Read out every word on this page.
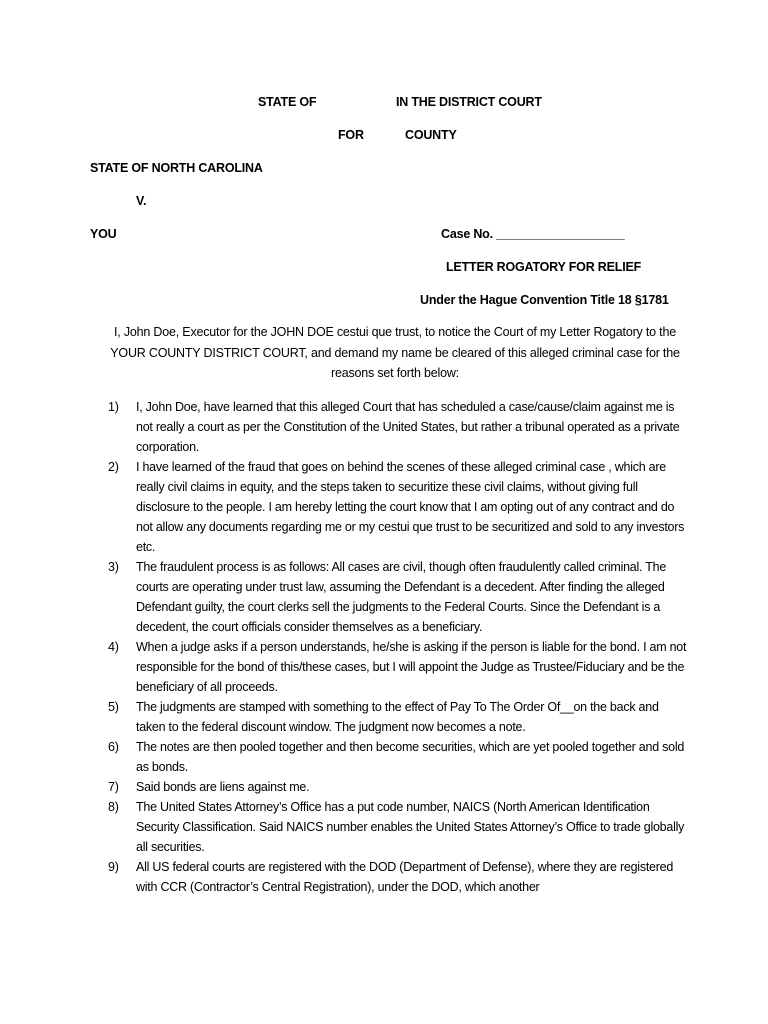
STATE OF	IN THE DISTRICT COURT
FOR	COUNTY
STATE OF NORTH CAROLINA
V.
YOU	Case No. ___________________
LETTER ROGATORY FOR RELIEF
Under the Hague Convention Title 18 §1781
I, John Doe, Executor for the JOHN DOE cestui que trust, to notice the Court of my Letter Rogatory to the YOUR COUNTY DISTRICT COURT, and demand my name be cleared of this alleged criminal case for the reasons set forth below:
1) I, John Doe, have learned that this alleged Court that has scheduled a case/cause/claim against me is not really a court as per the Constitution of the United States, but rather a tribunal operated as a private corporation.
2) I have learned of the fraud that goes on behind the scenes of these alleged criminal case , which are really civil claims in equity, and the steps taken to securitize these civil claims, without giving full disclosure to the people. I am hereby letting the court know that I am opting out of any contract and do not allow any documents regarding me or my cestui que trust to be securitized and sold to any investors etc.
3) The fraudulent process is as follows: All cases are civil, though often fraudulently called criminal. The courts are operating under trust law, assuming the Defendant is a decedent. After finding the alleged Defendant guilty, the court clerks sell the judgments to the Federal Courts. Since the Defendant is a decedent, the court officials consider themselves as a beneficiary.
4) When a judge asks if a person understands, he/she is asking if the person is liable for the bond. I am not responsible for the bond of this/these cases, but I will appoint the Judge as Trustee/Fiduciary and be the beneficiary of all proceeds.
5) The judgments are stamped with something to the effect of Pay To The Order Of__on the back and taken to the federal discount window. The judgment now becomes a note.
6) The notes are then pooled together and then become securities, which are yet pooled together and sold as bonds.
7) Said bonds are liens against me.
8) The United States Attorney’s Office has a put code number, NAICS (North American Identification Security Classification. Said NAICS number enables the United States Attorney’s Office to trade globally all securities.
9) All US federal courts are registered with the DOD (Department of Defense), where they are registered with CCR (Contractor’s Central Registration), under the DOD, which another
